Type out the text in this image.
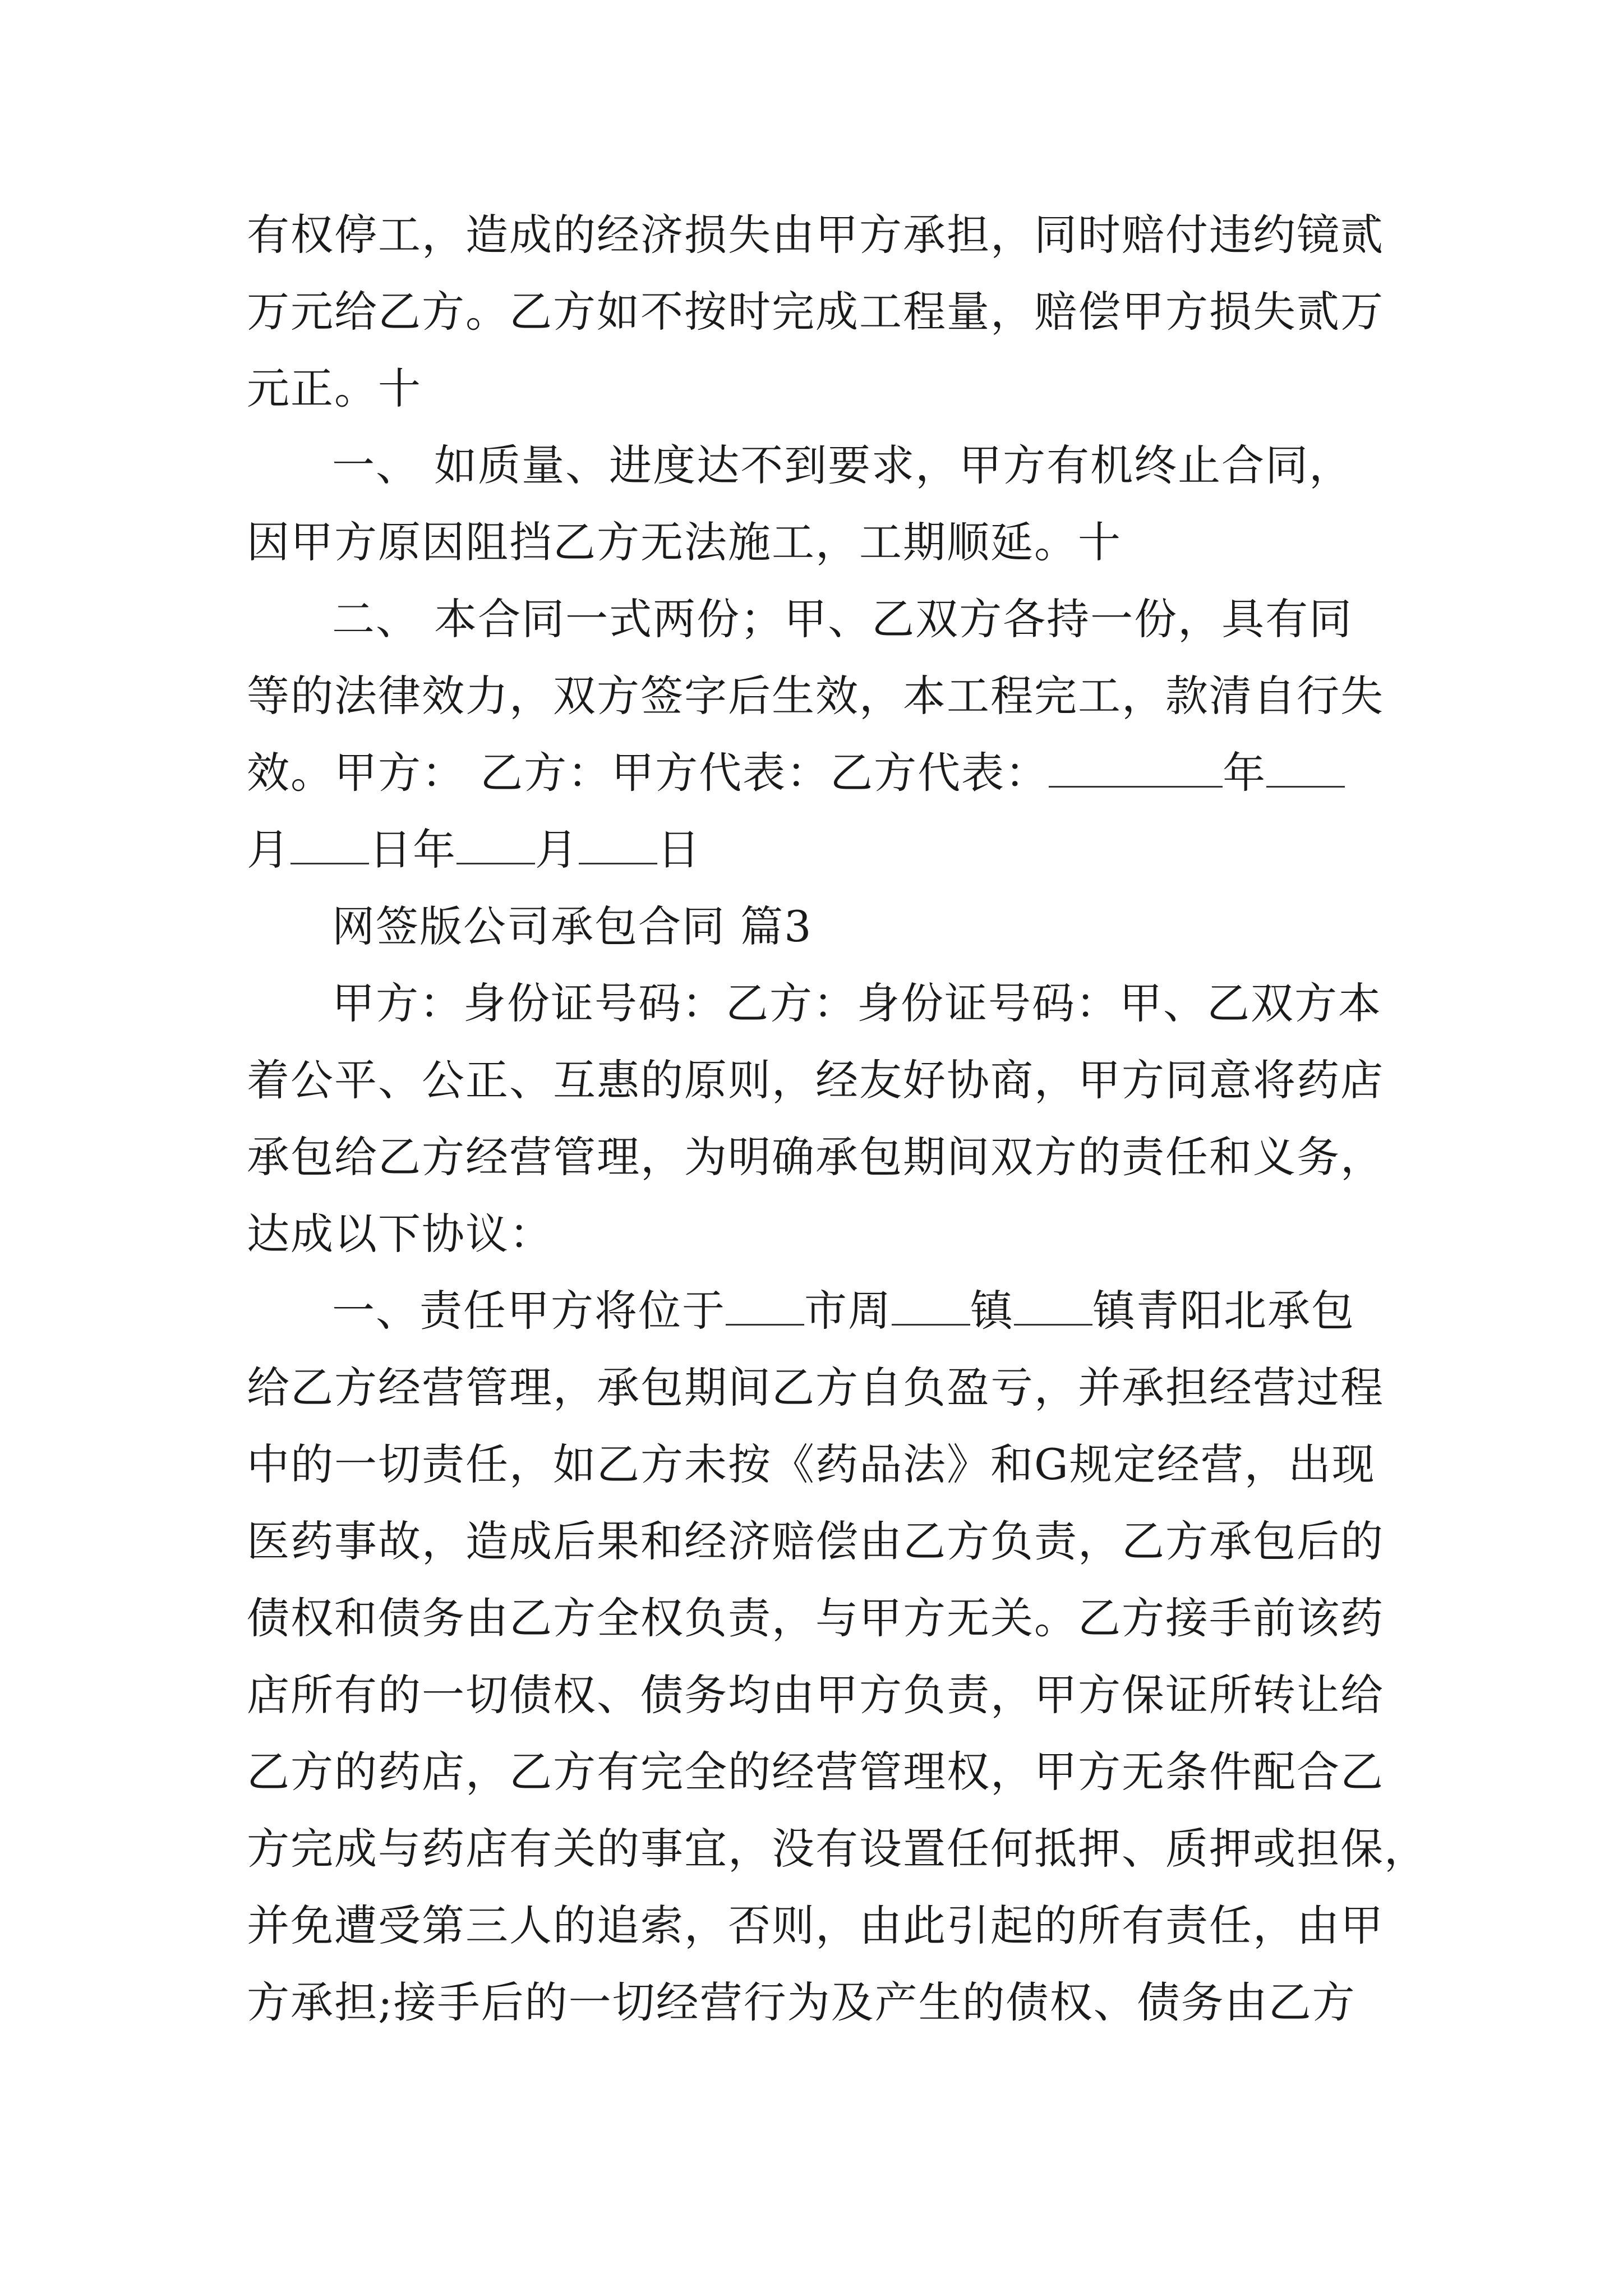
有权停工，造成的经济损失由甲方承担，同时赔付违约镜贰
万元给乙方。乙方如不按时完成工程量，赔偿甲方损失贰万
元正。十
一、 如质量、进度达不到要求，甲方有机终止合同，
因甲方原因阻挡乙方无法施工，工期顺延。十
二、 本合同一式两份；甲、乙双方各持一份，具有同
等的法律效力，双方签字后生效，本工程完工，款清自行失
效。甲方： 乙方：甲方代表：乙方代表：	年
月 日年 月 日
网签版公司承包合同 篇3
甲方：身份证号码：乙方：身份证号码：甲、乙双方本
着公平、公正、互惠的原则，经友好协商，甲方同意将药店
承包给乙方经营管理，为明确承包期间双方的责任和义务，
达成以下协议：
一、责任甲方将位于 市周 镇 镇青阳北承包
给乙方经营管理，承包期间乙方自负盈亏，并承担经营过程
中的一切责任，如乙方未按《药品法》和G规定经营，出现
医药事故，造成后果和经济赔偿由乙方负责，乙方承包后的
债权和债务由乙方全权负责，与甲方无关。乙方接手前该药
店所有的一切债权、债务均由甲方负责，甲方保证所转让给
乙方的药店，乙方有完全的经营管理权，甲方无条件配合乙
方完成与药店有关的事宜，没有设置任何抵押、质押或担保，
并免遭受第三人的追索，否则，由此引起的所有责任，由甲
方承担;接手后的一切经营行为及产生的债权、债务由乙方
